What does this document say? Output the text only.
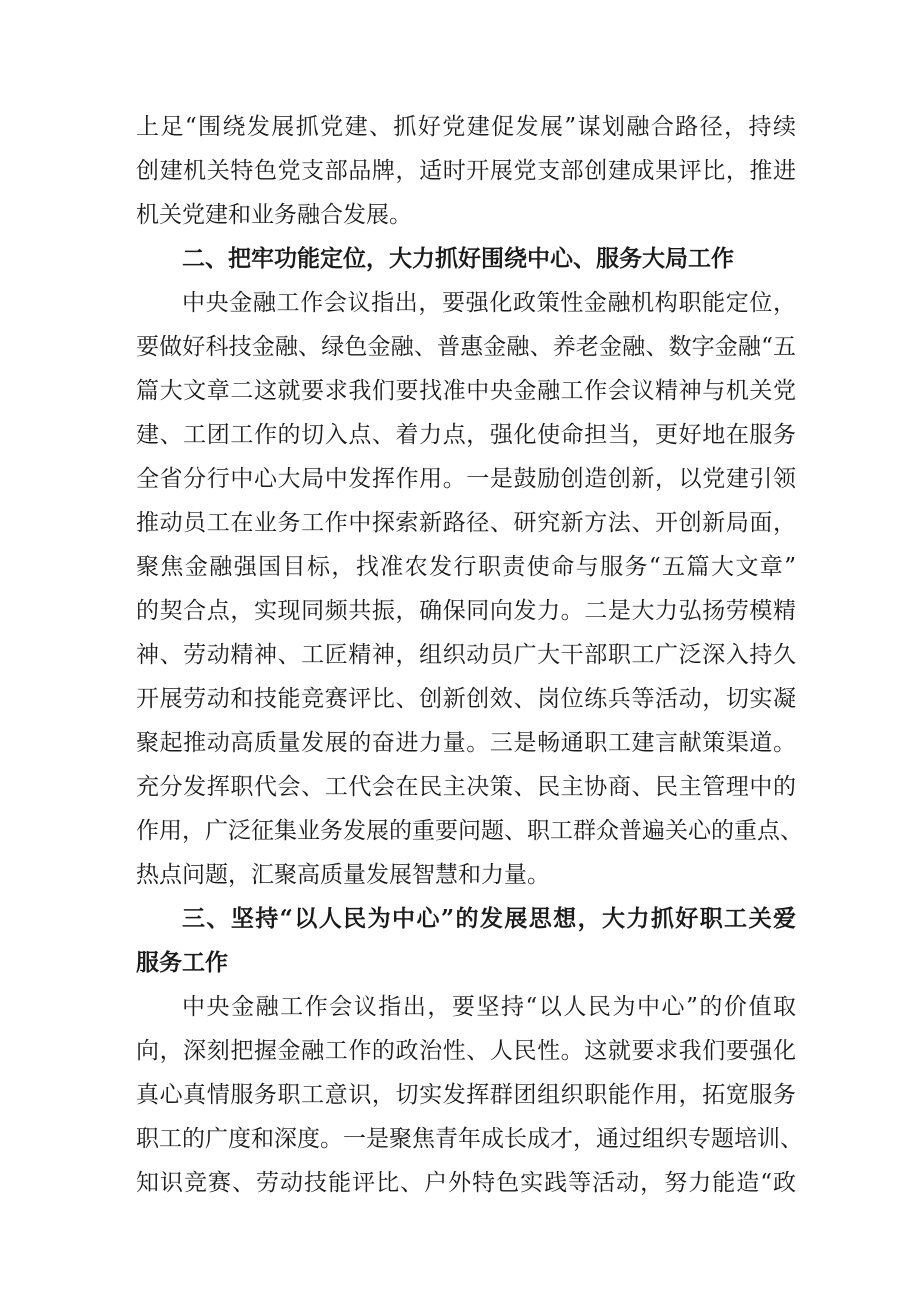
上足“围绕发展抓党建、抓好党建促发展”谋划融合路径，持续
创建机关特色党支部品牌，适时开展党支部创建成果评比，推进
机关党建和业务融合发展。
二、把牢功能定位，大力抓好围绕中心、服务大局工作
中央金融工作会议指出，要强化政策性金融机构职能定位，
要做好科技金融、绿色金融、普惠金融、养老金融、数字金融“五
篇大文章二这就要求我们要找准中央金融工作会议精神与机关党
建、工团工作的切入点、着力点，强化使命担当，更好地在服务
全省分行中心大局中发挥作用。一是鼓励创造创新，以党建引领
推动员工在业务工作中探索新路径、研究新方法、开创新局面，
聚焦金融强国目标，找准农发行职责使命与服务“五篇大文章”
的契合点，实现同频共振，确保同向发力。二是大力弘扬劳模精
神、劳动精神、工匠精神，组织动员广大干部职工广泛深入持久
开展劳动和技能竞赛评比、创新创效、岗位练兵等活动，切实凝
聚起推动高质量发展的奋进力量。三是畅通职工建言献策渠道。
充分发挥职代会、工代会在民主决策、民主协商、民主管理中的
作用，广泛征集业务发展的重要问题、职工群众普遍关心的重点、
热点问题，汇聚高质量发展智慧和力量。
三、坚持“以人民为中心”的发展思想，大力抓好职工关爱
服务工作
中央金融工作会议指出，要坚持“以人民为中心”的价值取
向，深刻把握金融工作的政治性、人民性。这就要求我们要强化
真心真情服务职工意识，切实发挥群团组织职能作用，拓宽服务
职工的广度和深度。一是聚焦青年成长成才，通过组织专题培训、
知识竞赛、劳动技能评比、户外特色实践等活动，努力能造“政
